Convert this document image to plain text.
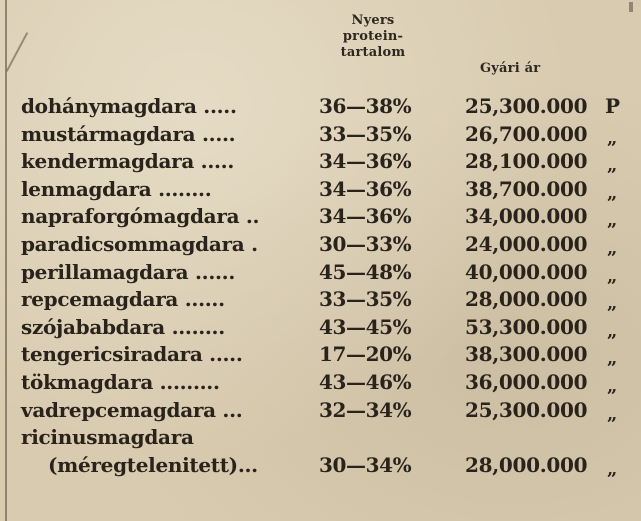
Nyers
protein-
tartalom
Gyári ár
dohánymagdara .....	36—38%	25,300.000 P
mustármagdara .....	33—35%	26,700.000 „
kendermagdara .....	34—36%	28,100.000 „
lenmagdara ........	34—36%	38,700.000 „
napraforgómagdara ..	34—36%	34,000.000 „
paradicsommagdara .	30—33%	24,000.000 „
perillamagdara ......	45—48%	40,000.000 „
repcemagdara ......	33—35%	28,000.000 „
szójababdara ........	43—45%	53,300.000 „
tengericsiradara .....	17—20%	38,300.000 „
tökmagdara .........	43—46%	36,000.000 „
vadrepcemagdara ...	32—34%	25,300.000 „
ricinusmagdara
(méregtelenitett)...	30—34%	28,000.000 „
